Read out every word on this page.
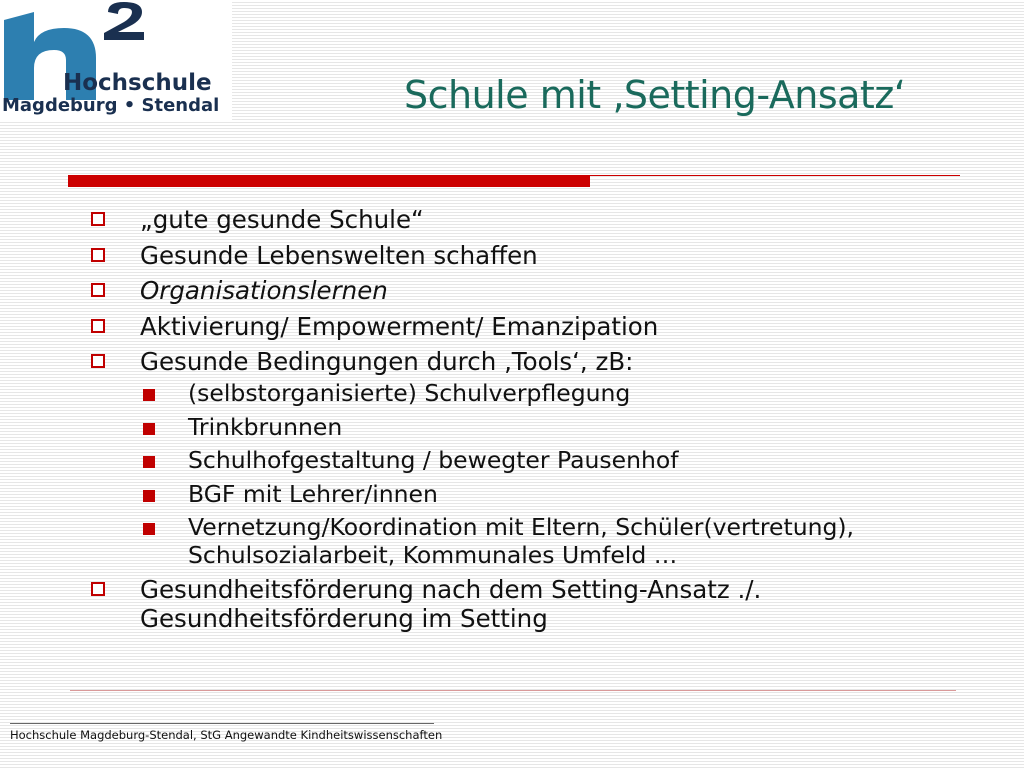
Hochschule
Magdeburg • Stendal	Schule mit ‚Setting-Ansatz‘
„gute gesunde Schule“
Gesunde Lebenswelten schaffen
Organisationslernen
Aktivierung/ Empowerment/ Emanzipation
Gesunde Bedingungen durch ‚Tools‘, zB:
(selbstorganisierte) Schulverpflegung
Trinkbrunnen
Schulhofgestaltung / bewegter Pausenhof
BGF mit Lehrer/innen
Vernetzung/Koordination mit Eltern, Schüler(vertretung),
Schulsozialarbeit, Kommunales Umfeld …
Gesundheitsförderung nach dem Setting-Ansatz ./.
Gesundheitsförderung im Setting
Hochschule Magdeburg-Stendal, StG Angewandte Kindheitswissenschaften
